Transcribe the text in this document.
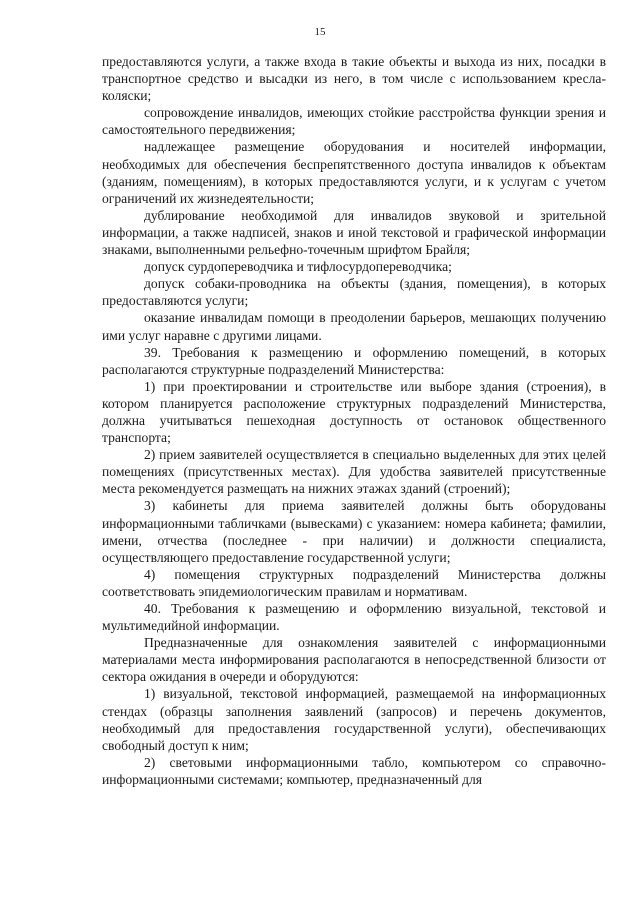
15

предоставляются услуги, а также входа в такие объекты и выхода из них, посадки в транспортное средство и высадки из него, в том числе с использованием кресла-коляски;

сопровождение инвалидов, имеющих стойкие расстройства функции зрения и самостоятельного передвижения;

надлежащее размещение оборудования и носителей информации, необходимых для обеспечения беспрепятственного доступа инвалидов к объектам (зданиям, помещениям), в которых предоставляются услуги, и к услугам с учетом ограничений их жизнедеятельности;

дублирование необходимой для инвалидов звуковой и зрительной информации, а также надписей, знаков и иной текстовой и графической информации знаками, выполненными рельефно-точечным шрифтом Брайля;

допуск сурдопереводчика и тифлосурдопереводчика;

допуск собаки-проводника на объекты (здания, помещения), в которых предоставляются услуги;

оказание инвалидам помощи в преодолении барьеров, мешающих получению ими услуг наравне с другими лицами.

39. Требования к размещению и оформлению помещений, в которых располагаются структурные подразделений Министерства:

1) при проектировании и строительстве или выборе здания (строения), в котором планируется расположение структурных подразделений Министерства, должна учитываться пешеходная доступность от остановок общественного транспорта;

2) прием заявителей осуществляется в специально выделенных для этих целей помещениях (присутственных местах). Для удобства заявителей присутственные места рекомендуется размещать на нижних этажах зданий (строений);

3) кабинеты для приема заявителей должны быть оборудованы информационными табличками (вывесками) с указанием: номера кабинета; фамилии, имени, отчества (последнее - при наличии) и должности специалиста, осуществляющего предоставление государственной услуги;

4) помещения структурных подразделений Министерства должны соответствовать эпидемиологическим правилам и нормативам.

40. Требования к размещению и оформлению визуальной, текстовой и мультимедийной информации.

Предназначенные для ознакомления заявителей с информационными материалами места информирования располагаются в непосредственной близости от сектора ожидания в очереди и оборудуются:

1) визуальной, текстовой информацией, размещаемой на информационных стендах (образцы заполнения заявлений (запросов) и перечень документов, необходимый для предоставления государственной услуги), обеспечивающих свободный доступ к ним;

2) световыми информационными табло, компьютером со справочно-информационными системами; компьютер, предназначенный для
